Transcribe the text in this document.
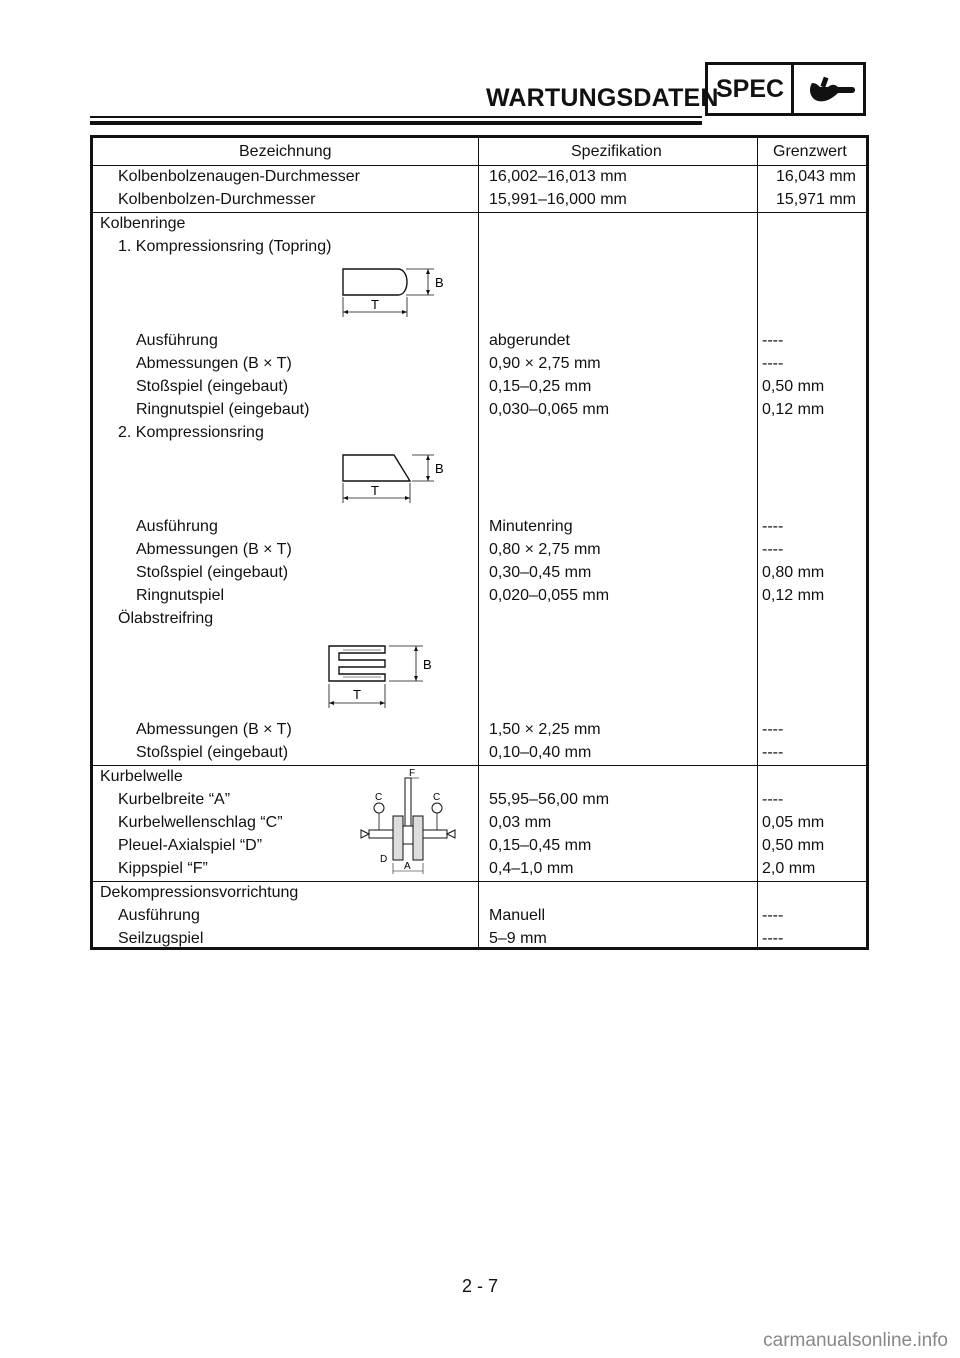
WARTUNGSDATEN
SPEC
Bezeichnung	Spezifikation	Grenzwert
Kolbenbolzenaugen-Durchmesser	16,002–16,013 mm	16,043 mm
Kolbenbolzen-Durchmesser	15,991–16,000 mm	15,971 mm
Kolbenringe
1. Kompressionsring (Topring)
B
T
Ausführung	abgerundet	----
Abmessungen (B × T)	0,90 × 2,75 mm	----
Stoßspiel (eingebaut)	0,15–0,25 mm	0,50 mm
Ringnutspiel (eingebaut)	0,030–0,065 mm	0,12 mm
2. Kompressionsring
B
T
Ausführung	Minutenring	----
Abmessungen (B × T)	0,80 × 2,75 mm	----
Stoßspiel (eingebaut)	0,30–0,45 mm	0,80 mm
Ringnutspiel	0,020–0,055 mm	0,12 mm
Ölabstreifring
B
T
Abmessungen (B × T)	1,50 × 2,25 mm	----
Stoßspiel (eingebaut)	0,10–0,40 mm	----
Kurbelwelle
Kurbelbreite “A”	55,95–56,00 mm	----
Kurbelwellenschlag “C”	0,03 mm	0,05 mm
Pleuel-Axialspiel “D”	0,15–0,45 mm	0,50 mm
Kippspiel “F”	0,4–1,0 mm	2,0 mm
F
C	C
A
D
Dekompressionsvorrichtung
Ausführung	Manuell	----
Seilzugspiel	5–9 mm	----
2 - 7
carmanualsonline.info
